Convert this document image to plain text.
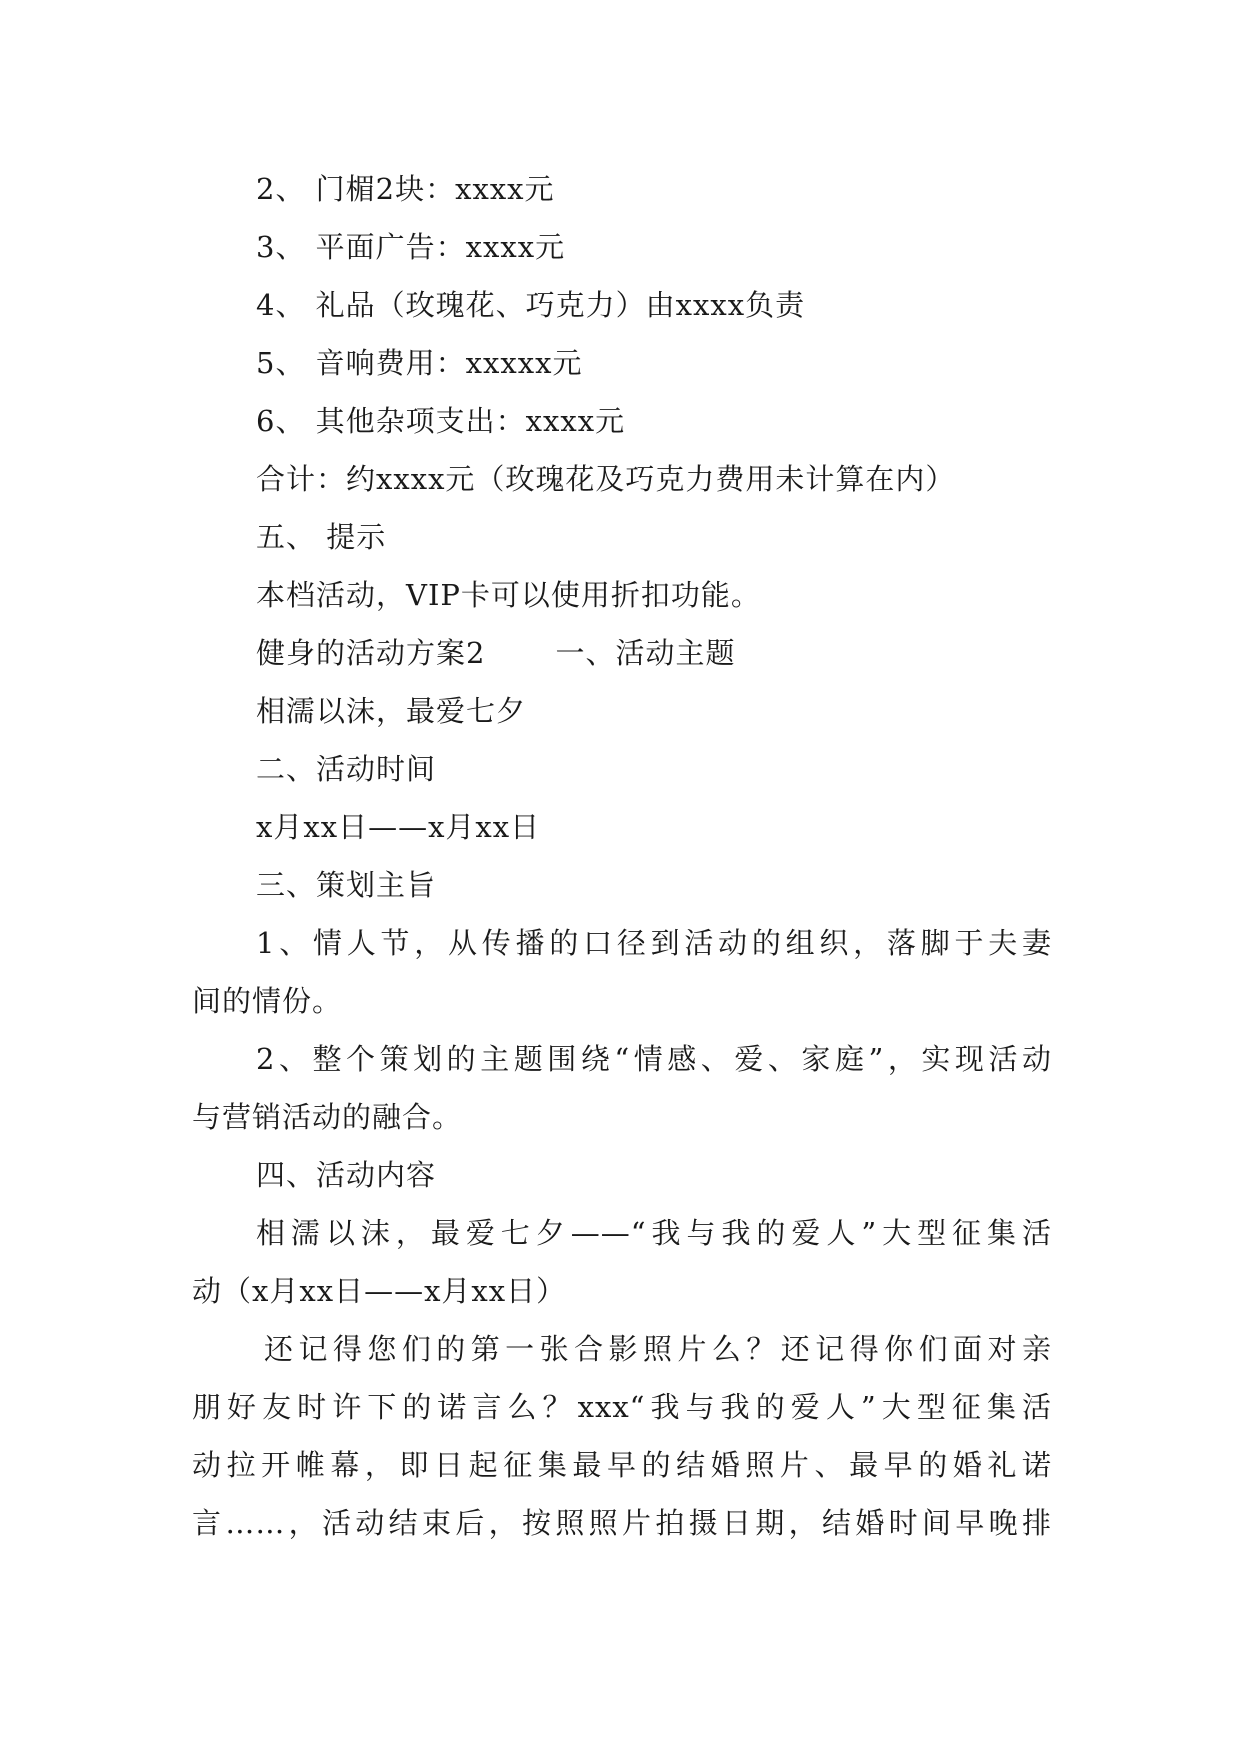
2、 门楣2块：xxxx元
3、 平面广告：xxxx元
4、 礼品（玫瑰花、巧克力）由xxxx负责
5、 音响费用：xxxxx元
6、 其他杂项支出：xxxx元
合计：约xxxx元（玫瑰花及巧克力费用未计算在内）
五、 提示
本档活动，VIP卡可以使用折扣功能。
健身的活动方案2 一、活动主题
相濡以沫，最爱七夕
二、活动时间
x月xx日——x月xx日
三、策划主旨
1、情人节，从传播的口径到活动的组织，落脚于夫妻
间的情份。
2、整个策划的主题围绕“情感、爱、家庭”，实现活动
与营销活动的融合。
四、活动内容
相濡以沫，最爱七夕——“我与我的爱人”大型征集活
动（x月xx日——x月xx日）
还记得您们的第一张合影照片么？还记得你们面对亲
朋好友时许下的诺言么？xxx“我与我的爱人”大型征集活
动拉开帷幕，即日起征集最早的结婚照片、最早的婚礼诺
言……，活动结束后，按照照片拍摄日期，结婚时间早晚排
